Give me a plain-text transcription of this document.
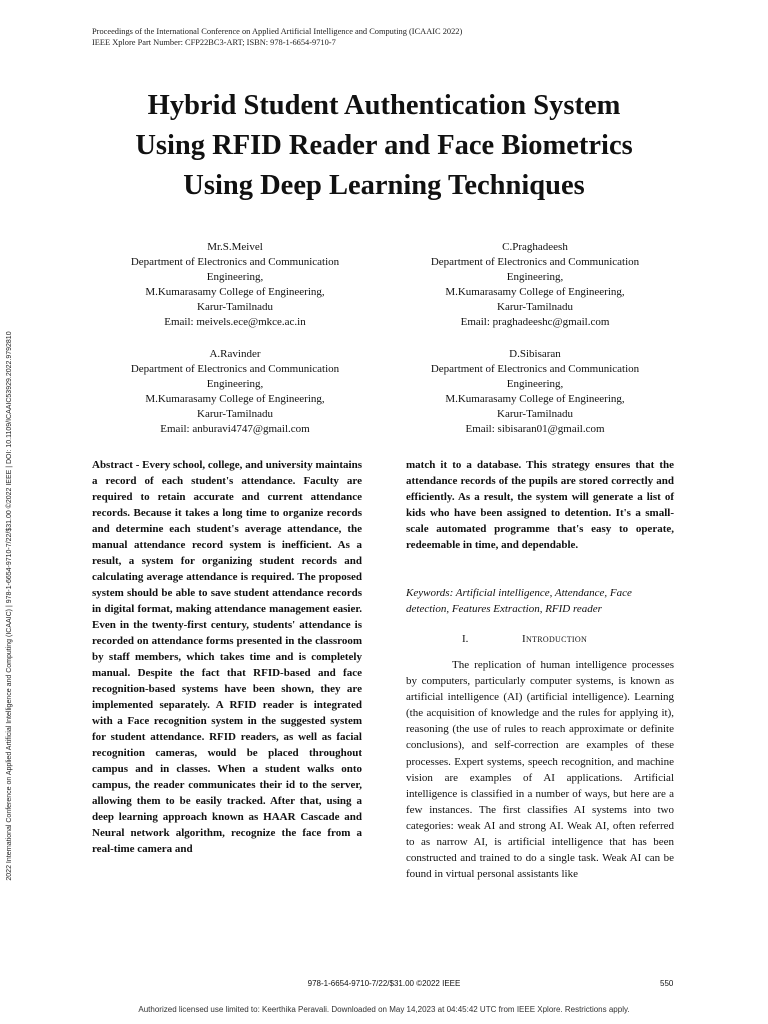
Proceedings of the International Conference on Applied Artificial Intelligence and Computing (ICAAIC 2022)
IEEE Xplore Part Number: CFP22BC3-ART; ISBN: 978-1-6654-9710-7
Hybrid Student Authentication System
Using RFID Reader and Face Biometrics
Using Deep Learning Techniques
Mr.S.Meivel
Department of Electronics and Communication
Engineering,
M.Kumarasamy College of Engineering,
Karur-Tamilnadu
Email: meivels.ece@mkce.ac.in
C.Praghadeesh
Department of Electronics and Communication
Engineering,
M.Kumarasamy College of Engineering,
Karur-Tamilnadu
Email: praghadeeshc@gmail.com
A.Ravinder
Department of Electronics and Communication
Engineering,
M.Kumarasamy College of Engineering,
Karur-Tamilnadu
Email: anburavi4747@gmail.com
D.Sibisaran
Department of Electronics and Communication
Engineering,
M.Kumarasamy College of Engineering,
Karur-Tamilnadu
Email: sibisaran01@gmail.com
2022 International Conference on Applied Artificial Intelligence and Computing (ICAAIC) | 978-1-6654-9710-7/22/$31.00 ©2022 IEEE | DOI: 10.1109/ICAAIC53929.2022.9792810	Abstract - Every school, college, and university maintains a record of each student's attendance. Faculty are required to retain accurate and current attendance records. Because it takes a long time to organize records and determine each student's average attendance, the manual attendance record system is inefficient. As a result, a system for organizing student records and calculating average attendance is required. The proposed system should be able to save student attendance records in digital format, making attendance management easier. Even in the twenty-first century, students' attendance is recorded on attendance forms presented in the classroom by staff members, which takes time and is completely manual. Despite the fact that RFID-based and face recognition-based systems have been shown, they are implemented separately. A RFID reader is integrated with a Face recognition system in the suggested system for student attendance. RFID readers, as well as facial recognition cameras, would be placed throughout campus and in classes. When a student walks onto campus, the reader communicates their id to the server, allowing them to be easily tracked. After that, using a deep learning approach known as HAAR Cascade and Neural network algorithm, recognize the face from a real-time camera and
match it to a database. This strategy ensures that the attendance records of the pupils are stored correctly and efficiently. As a result, the system will generate a list of kids who have been assigned to detention. It's a small-scale automated programme that's easy to operate, redeemable in time, and dependable.
Keywords: Artificial intelligence, Attendance, Face detection, Features Extraction, RFID reader
I.	Introduction
The replication of human intelligence processes by computers, particularly computer systems, is known as artificial intelligence (AI) (artificial intelligence). Learning (the acquisition of knowledge and the rules for applying it), reasoning (the use of rules to reach approximate or definite conclusions), and self-correction are examples of these processes. Expert systems, speech recognition, and machine vision are examples of AI applications. Artificial intelligence is classified in a number of ways, but here are a few instances. The first classifies AI systems into two categories: weak AI and strong AI. Weak AI, often referred to as narrow AI, is artificial intelligence that has been constructed and trained to do a single task. Weak AI can be found in virtual personal assistants like
978-1-6654-9710-7/22/$31.00 ©2022 IEEE	550
Authorized licensed use limited to: Keerthika Peravali. Downloaded on May 14,2023 at 04:45:42 UTC from IEEE Xplore. Restrictions apply.
